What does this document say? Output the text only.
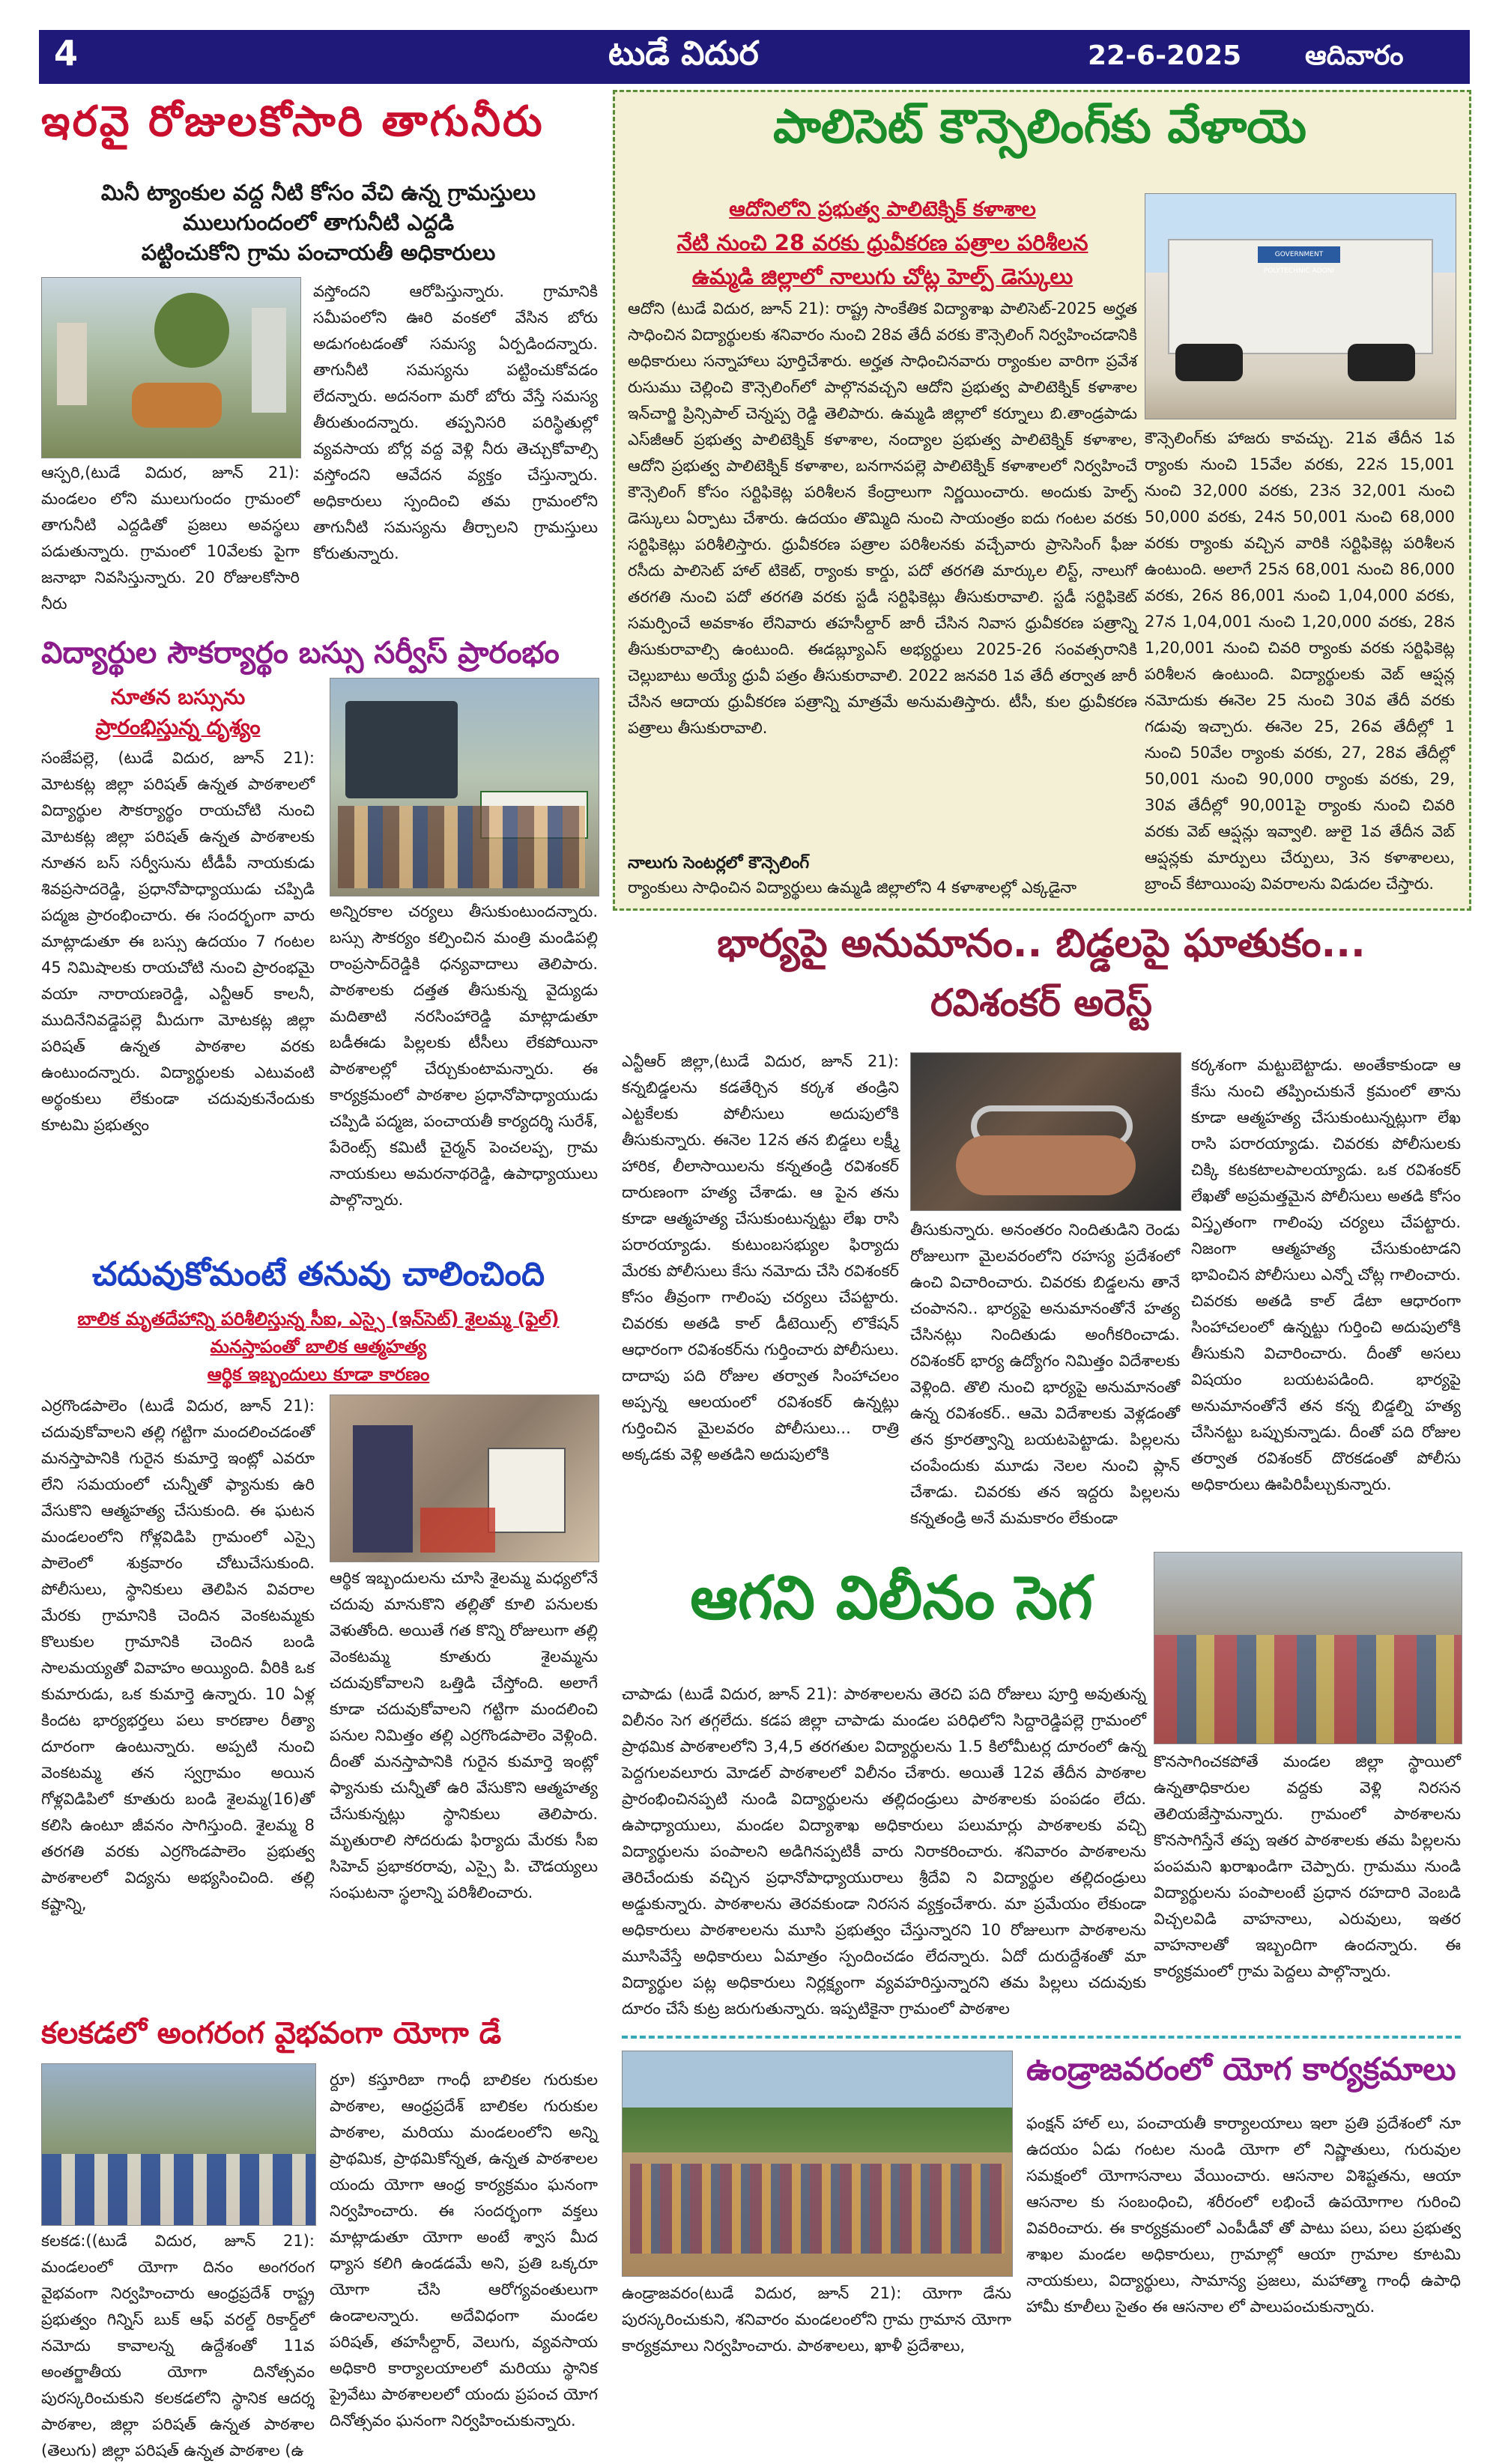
4	టుడే విదుర	22-6-2025 ఆదివారం
ఇరవై రోజులకోసారి తాగునీరు
మినీ ట్యాంకుల వద్ద నీటి కోసం వేచి ఉన్న గ్రామస్తులు
ములుగుందంలో తాగునీటి ఎద్దడి
పట్టించుకోని గ్రామ పంచాయతీ అధికారులు
ఆస్పరి,(టుడే విదుర, జూన్ 21): మండలం లోని ములుగుందం గ్రామంలో తాగునీటి ఎద్దడితో ప్రజలు అవస్థలు పడుతున్నారు. గ్రామంలో 10వేలకు పైగా జనాభా నివసిస్తున్నారు. 20 రోజులకోసారి నీరు
వస్తోందని ఆరోపిస్తున్నారు. గ్రామానికి సమీపంలోని ఊరి వంకలో వేసిన బోరు అడుగంటడంతో సమస్య ఏర్పడిందన్నారు. తాగునీటి సమస్యను పట్టించుకోవడం లేదన్నారు. అదనంగా మరో బోరు వేస్తే సమస్య తీరుతుందన్నారు. తప్పనిసరి పరిస్థితుల్లో వ్యవసాయ బోర్ల వద్ద వెళ్లి నీరు తెచ్చుకోవాల్సి వస్తోందని ఆవేదన వ్యక్తం చేస్తున్నారు. అధికారులు స్పందించి తమ గ్రామంలోని తాగునీటి సమస్యను తీర్చాలని గ్రామస్తులు కోరుతున్నారు.
విద్యార్థుల సౌకర్యార్థం బస్సు సర్వీస్ ప్రారంభం
నూతన బస్సును
ప్రారంభిస్తున్న దృశ్యం
సంజేపల్లె, (టుడే విదుర, జూన్ 21): మోటకట్ల జిల్లా పరిషత్ ఉన్నత పాఠశాలలో విద్యార్థుల సౌకర్యార్థం రాయచోటి నుంచి మోటకట్ల జిల్లా పరిషత్ ఉన్నత పాఠశాలకు నూతన బస్ సర్వీసును టీడీపీ నాయకుడు శివప్రసాదరెడ్డి, ప్రధానోపాధ్యాయుడు చప్పిడి పద్మజ ప్రారంభించారు. ఈ సందర్భంగా వారు మాట్లాడుతూ ఈ బస్సు ఉదయం 7 గంటల 45 నిమిషాలకు రాయచోటి నుంచి ప్రారంభమై వయా నారాయణరెడ్డి, ఎన్టీఆర్ కాలనీ, ముదినేనివడ్డెపల్లె మీదుగా మోటకట్ల జిల్లా పరిషత్ ఉన్నత పాఠశాల వరకు ఉంటుందన్నారు. విద్యార్థులకు ఎటువంటి అర్థంకులు లేకుండా చదువుకునేందుకు కూటమి ప్రభుత్వం
అన్నిరకాల చర్యలు తీసుకుంటుందన్నారు. బస్సు సౌకర్యం కల్పించిన మంత్రి మండిపల్లి రాంప్రసాద్‌రెడ్డికి ధన్యవాదాలు తెలిపారు. పాఠశాలకు దత్తత తీసుకున్న వైద్యుడు మదితాటి నరసింహారెడ్డి మాట్లాడుతూ బడీఈడు పిల్లలకు టీసీలు లేకపోయినా పాఠశాలల్లో చేర్చుకుంటామన్నారు. ఈ కార్యక్రమంలో పాఠశాల ప్రధానోపాధ్యాయుడు చప్పిడి పద్మజ, పంచాయతీ కార్యదర్శి సురేశ్, పేరెంట్స్ కమిటీ చైర్మన్ పెంచలప్ప, గ్రామ నాయకులు అమరనాథరెడ్డి, ఉపాధ్యాయులు పాల్గొన్నారు.
చదువుకోమంటే తనువు చాలించింది
బాలిక మృతదేహాన్ని పరిశీలిస్తున్న సీఐ, ఎస్సై (ఇన్‌సెట్) శైలమ్మ (ఫైల్)
మనస్తాపంతో బాలిక ఆత్మహత్య
ఆర్థిక ఇబ్బందులు కూడా కారణం
ఎర్రగొండపాలెం (టుడే విదుర, జూన్ 21): చదువుకోవాలని తల్లి గట్టిగా మందలించడంతో మనస్తాపానికి గురైన కుమార్తె ఇంట్లో ఎవరూ లేని సమయంలో చున్నీతో ఫ్యానుకు ఉరి వేసుకొని ఆత్మహత్య చేసుకుంది. ఈ ఘటన మండలంలోని గోళ్లవిడిపి గ్రామంలో ఎస్సై పాలెంలో శుక్రవారం చోటుచేసుకుంది. పోలీసులు, స్థానికులు తెలిపిన వివరాల మేరకు గ్రామానికి చెందిన వెంకటమ్మకు కొలుకుల గ్రామానికి చెందిన బండి సాలమయ్యతో వివాహం అయ్యింది. వీరికి ఒక కుమారుడు, ఒక కుమార్తె ఉన్నారు. 10 ఏళ్ల కిందట భార్యభర్తలు పలు కారణాల రీత్యా దూరంగా ఉంటున్నారు. అప్పటి నుంచి వెంకటమ్మ తన స్వగ్రామం అయిన గోళ్లవిడిపిలో కూతురు బండి శైలమ్మ(16)తో కలిసి ఉంటూ జీవనం సాగిస్తుంది. శైలమ్మ 8 తరగతి వరకు ఎర్రగొండపాలెం ప్రభుత్వ పాఠశాలలో విద్యను అభ్యసించింది. తల్లి కష్టాన్ని,
ఆర్థిక ఇబ్బందులను చూసి శైలమ్మ మధ్యలోనే చదువు మానుకొని తల్లితో కూలి పనులకు వెళుతోంది. అయితే గత కొన్ని రోజులుగా తల్లి వెంకటమ్మ కూతురు శైలమ్మను చదువుకోవాలని ఒత్తిడి చేస్తోంది. అలాగే కూడా చదువుకోవాలని గట్టిగా మందలించి పనుల నిమిత్తం తల్లి ఎర్రగొండపాలెం వెళ్లింది. దీంతో మనస్తాపానికి గురైన కుమార్తె ఇంట్లో ఫ్యానుకు చున్నీతో ఉరి వేసుకొని ఆత్మహత్య చేసుకున్నట్లు స్థానికులు తెలిపారు. మృతురాలి సోదరుడు ఫిర్యాదు మేరకు సీఐ సిహెచ్ ప్రభాకరరావు, ఎస్సై పి. చౌడయ్యలు సంఘటనా స్థలాన్ని పరిశీలించారు.
కలకడలో అంగరంగ వైభవంగా యోగా డే
కలకడ:((టుడే విదుర, జూన్ 21): మండలంలో యోగా దినం అంగరంగ వైభవంగా నిర్వహించారు ఆంధ్రప్రదేశ్ రాష్ట్ర ప్రభుత్వం గిన్నిస్ బుక్ ఆఫ్ వరల్డ్ రికార్డ్‌లో నమోదు కావాలన్న ఉద్దేశంతో 11వ అంతర్జాతీయ యోగా దినోత్సవం పురస్కరించుకుని కలకడలోని స్థానిక ఆదర్శ పాఠశాల, జిల్లా పరిషత్ ఉన్నత పాఠశాల (తెలుగు) జిల్లా పరిషత్ ఉన్నత పాఠశాల (ఉ
ర్దూ) కస్తూరిబా గాంధీ బాలికల గురుకుల పాఠశాల, ఆంధ్రప్రదేశ్ బాలికల గురుకుల పాఠశాల, మరియు మండలంలోని అన్ని ప్రాథమిక, ప్రాథమికోన్నత, ఉన్నత పాఠశాలల యందు యోగా ఆంధ్ర కార్యక్రమం ఘనంగా నిర్వహించారు. ఈ సందర్భంగా వక్తలు మాట్లాడుతూ యోగా అంటే శ్వాస మీద ధ్యాస కలిగి ఉండడమే అని, ప్రతి ఒక్కరూ యోగా చేసి ఆరోగ్యవంతులుగా ఉండాలన్నారు. అదేవిధంగా మండల పరిషత్, తహసీల్దార్, వెలుగు, వ్యవసాయ అధికారి కార్యాలయాలలో మరియు స్థానిక ప్రైవేటు పాఠశాలలలో యందు ప్రపంచ యోగ దినోత్సవం ఘనంగా నిర్వహించుకున్నారు.
పాలిసెట్ కౌన్సెలింగ్‌కు వేళాయె
ఆదోనిలోని ప్రభుత్వ పాలిటెక్నిక్ కళాశాల
నేటి నుంచి 28 వరకు ధ్రువీకరణ పత్రాల పరిశీలన
ఉమ్మడి జిల్లాలో నాలుగు చోట్ల హెల్ప్ డెస్కులు
GOVERNMENT POLYTECHNIC ADONI
ఆదోని (టుడే విదుర, జూన్ 21): రాష్ట్ర సాంకేతిక విద్యాశాఖ పాలిసెట్-2025 అర్హత సాధించిన విద్యార్థులకు శనివారం నుంచి 28వ తేదీ వరకు కౌన్సెలింగ్ నిర్వహించడానికి అధికారులు సన్నాహాలు పూర్తిచేశారు. అర్హత సాధించినవారు ర్యాంకుల వారిగా ప్రవేశ రుసుము చెల్లించి కౌన్సెలింగ్‌లో పాల్గొనవచ్చని ఆదోని ప్రభుత్వ పాలిటెక్నిక్ కళాశాల ఇన్‌చార్జి ప్రిన్సిపాల్ చెన్నప్ప రెడ్డి తెలిపారు. ఉమ్మడి జిల్లాలో కర్నూలు బి.తాండ్రపాడు ఎస్‌జీఆర్ ప్రభుత్వ పాలిటెక్నిక్ కళాశాల, నంద్యాల ప్రభుత్వ పాలిటెక్నిక్ కళాశాల, ఆదోని ప్రభుత్వ పాలిటెక్నిక్ కళాశాల, బనగానపల్లె పాలిటెక్నిక్ కళాశాలలో నిర్వహించే కౌన్సెలింగ్ కోసం సర్టిఫికెట్ల పరిశీలన కేంద్రాలుగా నిర్ణయించారు. అందుకు హెల్ప్ డెస్కులు ఏర్పాటు చేశారు. ఉదయం తొమ్మిది నుంచి సాయంత్రం ఐదు గంటల వరకు సర్టిఫికెట్లు పరిశీలిస్తారు. ధ్రువీకరణ పత్రాల పరిశీలనకు వచ్చేవారు ప్రాసెసింగ్ ఫీజు రసీదు పాలిసెట్ హాల్ టికెట్, ర్యాంకు కార్డు, పదో తరగతి మార్కుల లిస్ట్, నాలుగో తరగతి నుంచి పదో తరగతి వరకు స్టడీ సర్టిఫికెట్లు తీసుకురావాలి. స్టడీ సర్టిఫికెట్ సమర్పించే అవకాశం లేనివారు తహసీల్దార్ జారీ చేసిన నివాస ధ్రువీకరణ పత్రాన్ని తీసుకురావాల్సి ఉంటుంది. ఈడబ్ల్యూఎస్ అభ్యర్థులు 2025-26 సంవత్సరానికి చెల్లుబాటు అయ్యే ధ్రువీ పత్రం తీసుకురావాలి. 2022 జనవరి 1వ తేదీ తర్వాత జారీ చేసిన ఆదాయ ధ్రువీకరణ పత్రాన్ని మాత్రమే అనుమతిస్తారు. టీసీ, కుల ధ్రువీకరణ పత్రాలు తీసుకురావాలి.
నాలుగు సెంటర్లలో కౌన్సెలింగ్
ర్యాంకులు సాధించిన విద్యార్థులు ఉమ్మడి జిల్లాలోని 4 కళాశాలల్లో ఎక్కడైనా
కౌన్సెలింగ్‌కు హాజరు కావచ్చు. 21వ తేదీన 1వ ర్యాంకు నుంచి 15వేల వరకు, 22న 15,001 నుంచి 32,000 వరకు, 23న 32,001 నుంచి 50,000 వరకు, 24న 50,001 నుంచి 68,000 వరకు ర్యాంకు వచ్చిన వారికి సర్టిఫికెట్ల పరిశీలన ఉంటుంది. అలాగే 25న 68,001 నుంచి 86,000 వరకు, 26న 86,001 నుంచి 1,04,000 వరకు, 27న 1,04,001 నుంచి 1,20,000 వరకు, 28న 1,20,001 నుంచి చివరి ర్యాంకు వరకు సర్టిఫికెట్ల పరిశీలన ఉంటుంది. విద్యార్థులకు వెబ్ ఆప్షన్ల నమోదుకు ఈనెల 25 నుంచి 30వ తేదీ వరకు గడువు ఇచ్చారు. ఈనెల 25, 26వ తేదీల్లో 1 నుంచి 50వేల ర్యాంకు వరకు, 27, 28వ తేదీల్లో 50,001 నుంచి 90,000 ర్యాంకు వరకు, 29, 30వ తేదీల్లో 90,001పై ర్యాంకు నుంచి చివరి వరకు వెబ్ ఆప్షన్లు ఇవ్వాలి. జులై 1వ తేదీన వెబ్ ఆప్షన్లకు మార్పులు చేర్పులు, 3న కళాశాలలు, బ్రాంచ్ కేటాయింపు వివరాలను విడుదల చేస్తారు.
భార్యపై అనుమానం.. బిడ్డలపై ఘాతుకం...
రవిశంకర్ అరెస్ట్
ఎన్టీఆర్ జిల్లా,(టుడే విదుర, జూన్ 21): కన్నబిడ్డలను కడతేర్చిన కర్కశ తండ్రిని ఎట్టకేలకు పోలీసులు అదుపులోకి తీసుకున్నారు. ఈనెల 12న తన బిడ్డలు లక్ష్మీ హారిక, లీలాసాయిలను కన్నతండ్రి రవిశంకర్ దారుణంగా హత్య చేశాడు. ఆ పైన తను కూడా ఆత్మహత్య చేసుకుంటున్నట్టు లేఖ రాసి పరారయ్యాడు. కుటుంబసభ్యుల ఫిర్యాదు మేరకు పోలీసులు కేసు నమోదు చేసి రవిశంకర్ కోసం తీవ్రంగా గాలింపు చర్యలు చేపట్టారు. చివరకు అతడి కాల్ డీటెయిల్స్ లొకేషన్ ఆధారంగా రవిశంకర్‌ను గుర్తించారు పోలీసులు. దాదాపు పది రోజుల తర్వాత సింహాచలం అప్పన్న ఆలయంలో రవిశంకర్ ఉన్నట్లు గుర్తించిన మైలవరం పోలీసులు... రాత్రి అక్కడకు వెళ్లి అతడిని అదుపులోకి
తీసుకున్నారు. అనంతరం నిందితుడిని రెండు రోజులుగా మైలవరంలోని రహస్య ప్రదేశంలో ఉంచి విచారించారు. చివరకు బిడ్డలను తానే చంపానని.. భార్యపై అనుమానంతోనే హత్య చేసినట్లు నిందితుడు అంగీకరించాడు. రవిశంకర్ భార్య ఉద్యోగం నిమిత్తం విదేశాలకు వెళ్లింది. తొలి నుంచి భార్యపై అనుమానంతో ఉన్న రవిశంకర్.. ఆమె విదేశాలకు వెళ్లడంతో తన క్రూరత్వాన్ని బయటపెట్టాడు. పిల్లలను చంపేందుకు మూడు నెలల నుంచి ప్లాన్ చేశాడు. చివరకు తన ఇద్దరు పిల్లలను కన్నతండ్రి అనే మమకారం లేకుండా
కర్కశంగా మట్టుబెట్టాడు. అంతేకాకుండా ఆ కేసు నుంచి తప్పించుకునే క్రమంలో తాను కూడా ఆత్మహత్య చేసుకుంటున్నట్లుగా లేఖ రాసి పరారయ్యాడు. చివరకు పోలీసులకు చిక్కి కటకటాలపాలయ్యాడు. ఒక రవిశంకర్ లేఖతో అప్రమత్తమైన పోలీసులు అతడి కోసం విస్తృతంగా గాలింపు చర్యలు చేపట్టారు. నిజంగా ఆత్మహత్య చేసుకుంటాడని భావించిన పోలీసులు ఎన్నో చోట్ల గాలించారు. చివరకు అతడి కాల్ డేటా ఆధారంగా సింహాచలంలో ఉన్నట్టు గుర్తించి అదుపులోకి తీసుకుని విచారించారు. దీంతో అసలు విషయం బయటపడింది. భార్యపై అనుమానంతోనే తన కన్న బిడ్డల్ని హత్య చేసినట్టు ఒప్పుకున్నాడు. దీంతో పది రోజుల తర్వాత రవిశంకర్ దొరకడంతో పోలీసు అధికారులు ఊపిరిపీల్చుకున్నారు.
ఆగని విలీనం సెగ
చాపాడు (టుడే విదుర, జూన్ 21): పాఠశాలలను తెరచి పది రోజులు పూర్తి అవుతున్న విలీనం సెగ తగ్గలేదు. కడప జిల్లా చాపాడు మండల పరిధిలోని సిద్దారెడ్డిపల్లె గ్రామంలో ప్రాథమిక పాఠశాలలోని 3,4,5 తరగతుల విద్యార్థులను 1.5 కిలోమీటర్ల దూరంలో ఉన్న పెద్దగులవలూరు మోడల్ పాఠశాలలో విలీనం చేశారు. అయితే 12వ తేదీన పాఠశాల ప్రారంభించినప్పటి నుండి విద్యార్థులను తల్లిదండ్రులు పాఠశాలకు పంపడం లేదు. ఉపాధ్యాయులు, మండల విద్యాశాఖ అధికారులు పలుమార్లు పాఠశాలకు వచ్చి విద్యార్థులను పంపాలని అడిగినప్పటికీ వారు నిరాకరించారు. శనివారం పాఠశాలను తెరిచేందుకు వచ్చిన ప్రధానోపాధ్యాయురాలు శ్రీదేవి ని విద్యార్థుల తల్లిదండ్రులు అడ్డుకున్నారు. పాఠశాలను తెరవకుండా నిరసన వ్యక్తంచేశారు. మా ప్రమేయం లేకుండా అధికారులు పాఠశాలలను మూసి ప్రభుత్వం చేస్తున్నారని 10 రోజులుగా పాఠశాలను మూసివేస్తే అధికారులు ఏమాత్రం స్పందించడం లేదన్నారు. ఏదో దురుద్దేశంతో మా విద్యార్థుల పట్ల అధికారులు నిర్లక్ష్యంగా వ్యవహరిస్తున్నారని తమ పిల్లలు చదువుకు దూరం చేసే కుట్ర జరుగుతున్నారు. ఇప్పటికైనా గ్రామంలో పాఠశాల
కొనసాగించకపోతే మండల జిల్లా స్థాయిలో ఉన్నతాధికారుల వద్దకు వెళ్లి నిరసన తెలియజేస్తామన్నారు. గ్రామంలో పాఠశాలను కొనసాగిస్తేనే తప్ప ఇతర పాఠశాలకు తమ పిల్లలను పంపమని ఖరాఖండిగా చెప్పారు. గ్రామము నుండి విద్యార్థులను పంపాలంటే ప్రధాన రహదారి వెంబడి విచ్చలవిడి వాహనాలు, ఎరువులు, ఇతర వాహనాలతో ఇబ్బందిగా ఉందన్నారు. ఈ కార్యక్రమంలో గ్రామ పెద్దలు పాల్గొన్నారు.
ఉండ్రాజవరంలో యోగ కార్యక్రమాలు
ఉండ్రాజవరం(టుడే విదుర, జూన్ 21): యోగా డేను పురస్కరించుకుని, శనివారం మండలంలోని గ్రామ గ్రామాన యోగా కార్యక్రమాలు నిర్వహించారు. పాఠశాలలు, ఖాళీ ప్రదేశాలు,
ఫంక్షన్ హాల్ లు, పంచాయతీ కార్యాలయాలు ఇలా ప్రతి ప్రదేశంలో నూ ఉదయం ఏడు గంటల నుండి యోగా లో నిష్ణాతులు, గురువుల సమక్షంలో యోగాసనాలు వేయించారు. ఆసనాల విశిష్టతను, ఆయా ఆసనాల కు సంబంధించి, శరీరంలో లభించే ఉపయోగాల గురించి వివరించారు. ఈ కార్యక్రమంలో ఎంపీడీవో తో పాటు పలు, పలు ప్రభుత్వ శాఖల మండల అధికారులు, గ్రామాల్లో ఆయా గ్రామాల కూటమి నాయకులు, విద్యార్థులు, సామాన్య ప్రజలు, మహాత్మా గాంధీ ఉపాధి హామీ కూలీలు సైతం ఈ ఆసనాల లో పాలుపంచుకున్నారు.
